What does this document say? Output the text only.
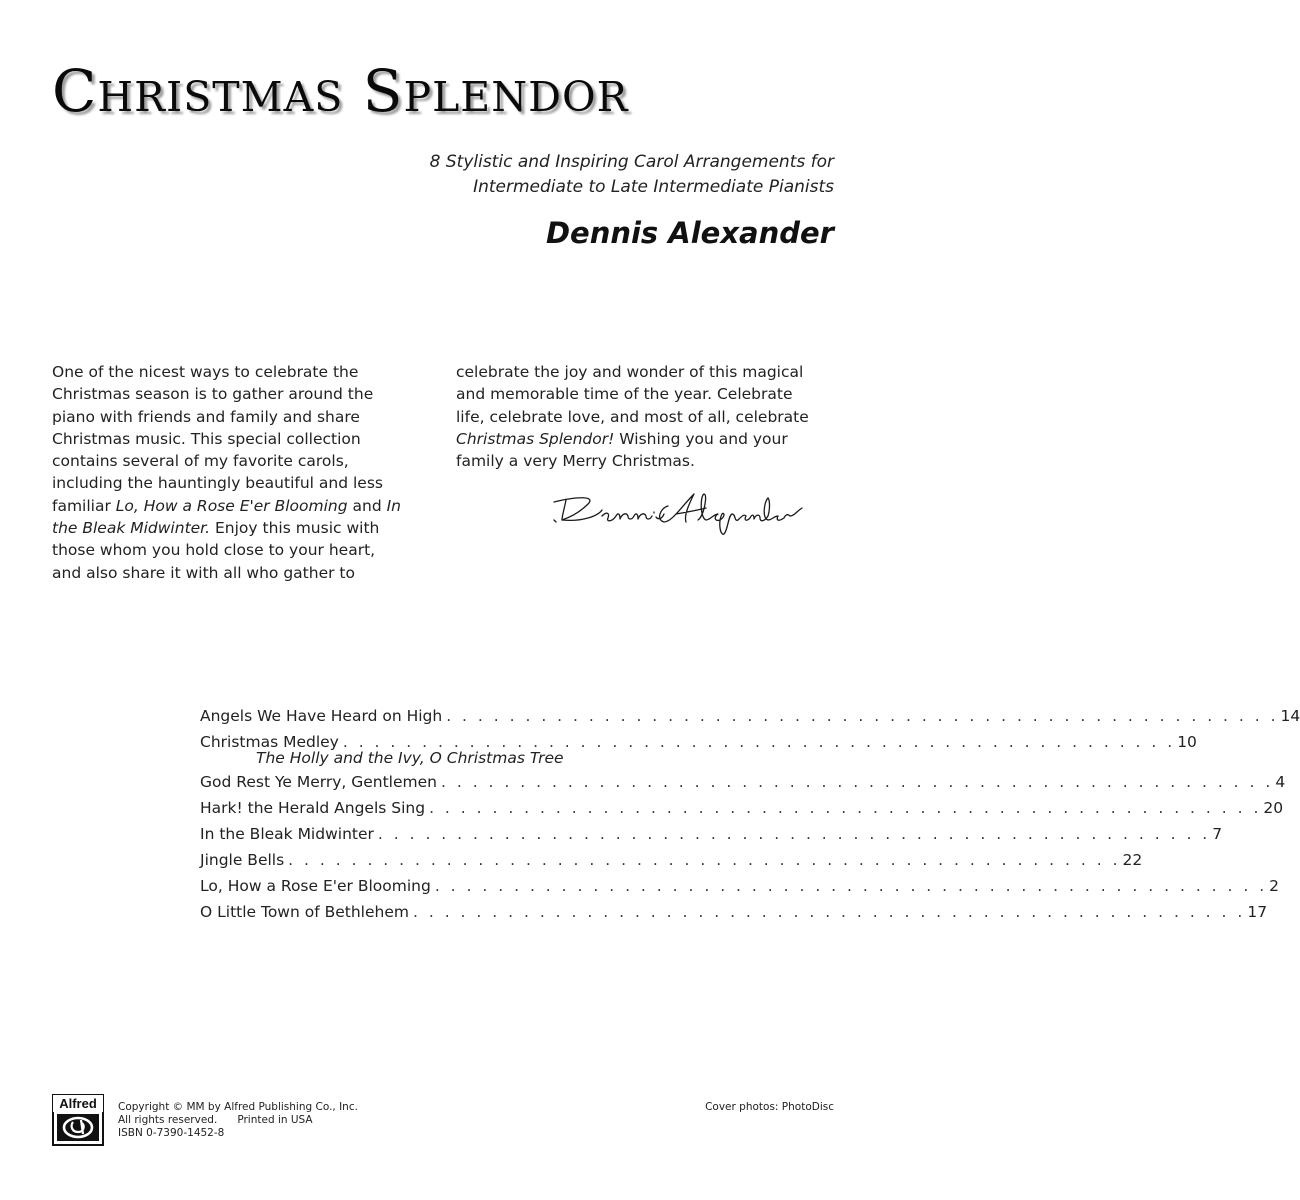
Christmas Splendor
8 Stylistic and Inspiring Carol Arrangements for
Intermediate to Late Intermediate Pianists
Dennis Alexander
One of the nicest ways to celebrate the
Christmas season is to gather around the
piano with friends and family and share
Christmas music. This special collection
contains several of my favorite carols,
including the hauntingly beautiful and less
familiar Lo, How a Rose E'er Blooming and In
the Bleak Midwinter. Enjoy this music with
those whom you hold close to your heart,
and also share it with all who gather to
celebrate the joy and wonder of this magical
and memorable time of the year. Celebrate
life, celebrate love, and most of all, celebrate
Christmas Splendor! Wishing you and your
family a very Merry Christmas.
Angels We Have Heard on High . . . . . . . . . . . . . . . . . . . . . . . . . . . . . . . . . . . . . . . . . . . . . . . . . . . . . 14
Christmas Medley . . . . . . . . . . . . . . . . . . . . . . . . . . . . . . . . . . . . . . . . . . . . . . . . . . . . . 10
The Holly and the Ivy, O Christmas Tree
God Rest Ye Merry, Gentlemen . . . . . . . . . . . . . . . . . . . . . . . . . . . . . . . . . . . . . . . . . . . . . . . . . . . . . 4
Hark! the Herald Angels Sing . . . . . . . . . . . . . . . . . . . . . . . . . . . . . . . . . . . . . . . . . . . . . . . . . . . . . 20
In the Bleak Midwinter . . . . . . . . . . . . . . . . . . . . . . . . . . . . . . . . . . . . . . . . . . . . . . . . . . . . . 7
Jingle Bells . . . . . . . . . . . . . . . . . . . . . . . . . . . . . . . . . . . . . . . . . . . . . . . . . . . . . 22
Lo, How a Rose E'er Blooming . . . . . . . . . . . . . . . . . . . . . . . . . . . . . . . . . . . . . . . . . . . . . . . . . . . . . 2
O Little Town of Bethlehem . . . . . . . . . . . . . . . . . . . . . . . . . . . . . . . . . . . . . . . . . . . . . . . . . . . . . 17
Alfred Copyright © MM by Alfred Publishing Co., Inc.
All rights reserved.      Printed in USA
ISBN 0-7390-1452-8
Cover photos: PhotoDisc
